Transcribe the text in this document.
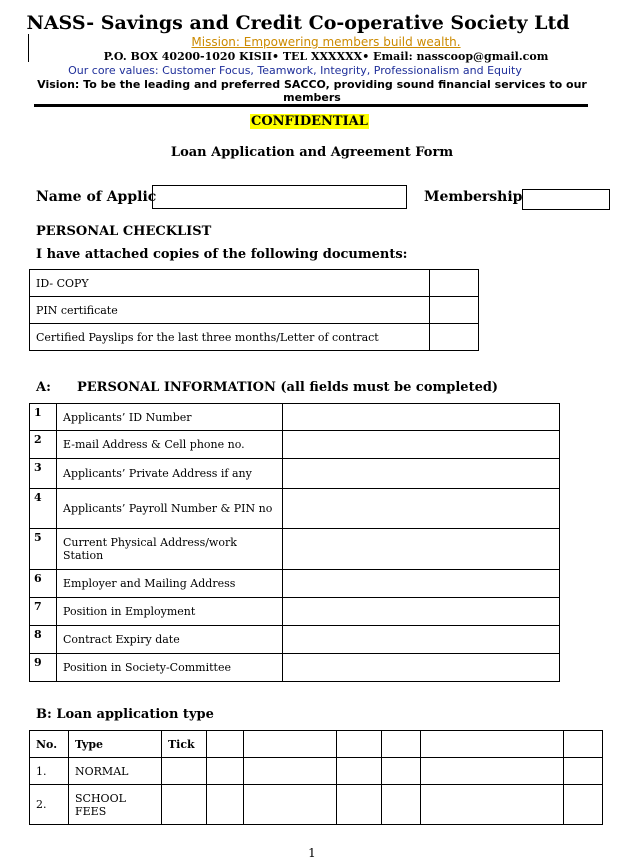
NASS- Savings and Credit Co-operative Society Ltd
Mission: Empowering members build wealth.
P.O. BOX 40200-1020 KISII• TEL XXXXXX• Email: nasscoop@gmail.com
Our core values: Customer Focus, Teamwork, Integrity, Professionalism and Equity
Vision: To be the leading and preferred SACCO, providing sound financial services to our members
CONFIDENTIAL
Loan Application and Agreement Form
Name of Applic	Membership
PERSONAL CHECKLIST
I have attached copies of the following documents:
ID- COPY	
PIN certificate	
Certified Payslips for the last three months/Letter of contract	
A: PERSONAL INFORMATION (all fields must be completed)
1	Applicants’ ID Number	
2	E-mail Address & Cell phone no.	
3	Applicants’ Private Address if any	
4	Applicants’ Payroll Number & PIN no	
5	Current Physical Address/work Station	
6	Employer and Mailing Address	
7	Position in Employment	
8	Contract Expiry date	
9	Position in Society-Committee	
B: Loan application type
No.	Type	Tick						
1.	NORMAL							
2.	SCHOOL FEES							
1
